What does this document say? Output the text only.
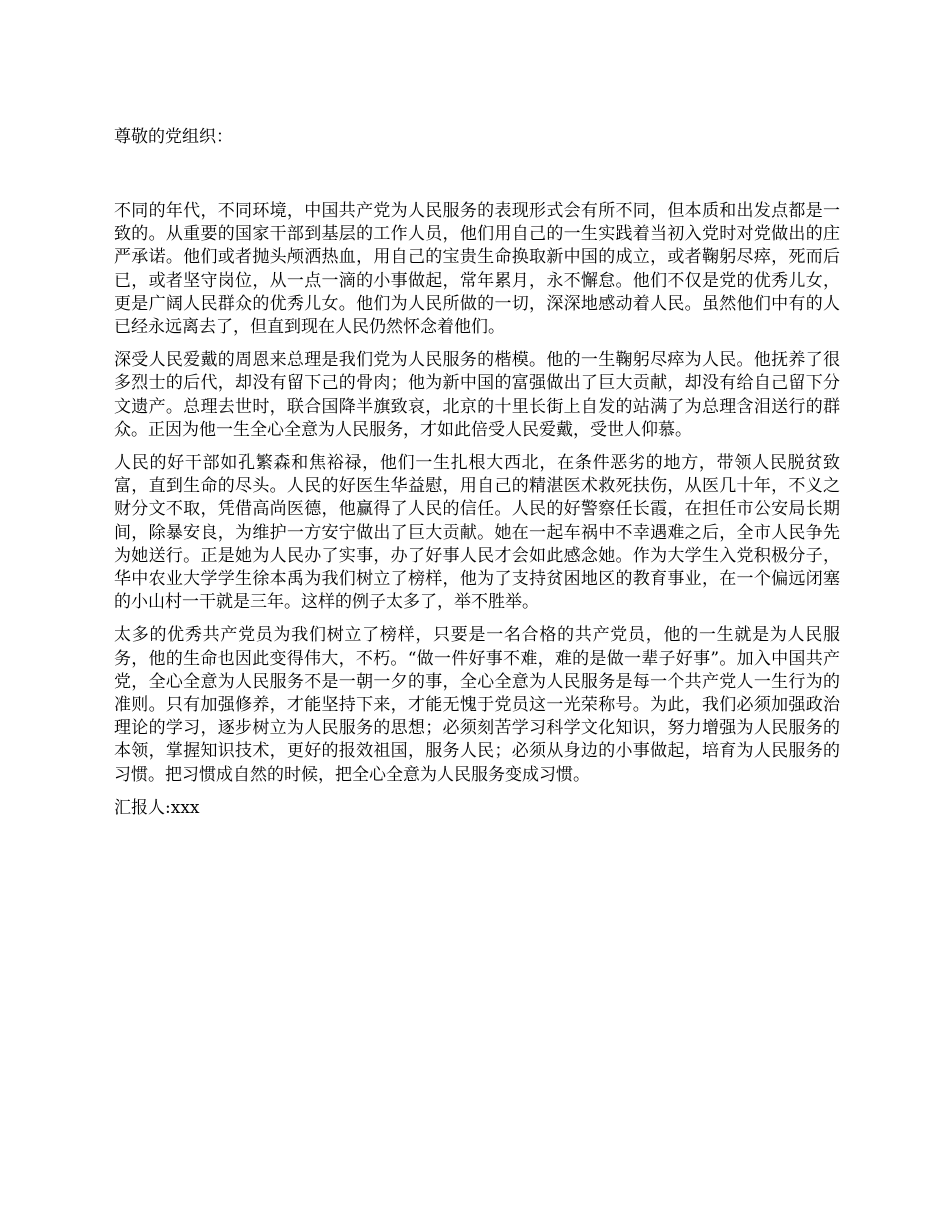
尊敬的党组织：

不同的年代，不同环境，中国共产党为人民服务的表现形式会有所不同，但本质和出发点都是一致的。从重要的国家干部到基层的工作人员，他们用自己的一生实践着当初入党时对党做出的庄严承诺。他们或者抛头颅洒热血，用自己的宝贵生命换取新中国的成立，或者鞠躬尽瘁，死而后已，或者坚守岗位，从一点一滴的小事做起，常年累月，永不懈怠。他们不仅是党的优秀儿女，更是广阔人民群众的优秀儿女。他们为人民所做的一切，深深地感动着人民。虽然他们中有的人已经永远离去了，但直到现在人民仍然怀念着他们。

深受人民爱戴的周恩来总理是我们党为人民服务的楷模。他的一生鞠躬尽瘁为人民。他抚养了很多烈士的后代，却没有留下己的骨肉；他为新中国的富强做出了巨大贡献，却没有给自己留下分文遗产。总理去世时，联合国降半旗致哀，北京的十里长街上自发的站满了为总理含泪送行的群众。正因为他一生全心全意为人民服务，才如此倍受人民爱戴，受世人仰慕。

人民的好干部如孔繁森和焦裕禄，他们一生扎根大西北，在条件恶劣的地方，带领人民脱贫致富，直到生命的尽头。人民的好医生华益慰，用自己的精湛医术救死扶伤，从医几十年，不义之财分文不取，凭借高尚医德，他赢得了人民的信任。人民的好警察任长霞，在担任市公安局长期间，除暴安良，为维护一方安宁做出了巨大贡献。她在一起车祸中不幸遇难之后，全市人民争先为她送行。正是她为人民办了实事，办了好事人民才会如此感念她。作为大学生入党积极分子，华中农业大学学生徐本禹为我们树立了榜样，他为了支持贫困地区的教育事业，在一个偏远闭塞的小山村一干就是三年。这样的例子太多了，举不胜举。

太多的优秀共产党员为我们树立了榜样，只要是一名合格的共产党员，他的一生就是为人民服务，他的生命也因此变得伟大，不朽。“做一件好事不难，难的是做一辈子好事”。加入中国共产党，全心全意为人民服务不是一朝一夕的事，全心全意为人民服务是每一个共产党人一生行为的准则。只有加强修养，才能坚持下来，才能无愧于党员这一光荣称号。为此，我们必须加强政治理论的学习，逐步树立为人民服务的思想；必须刻苦学习科学文化知识，努力增强为人民服务的本领，掌握知识技术，更好的报效祖国，服务人民；必须从身边的小事做起，培育为人民服务的习惯。把习惯成自然的时候，把全心全意为人民服务变成习惯。

汇报人:xxx
